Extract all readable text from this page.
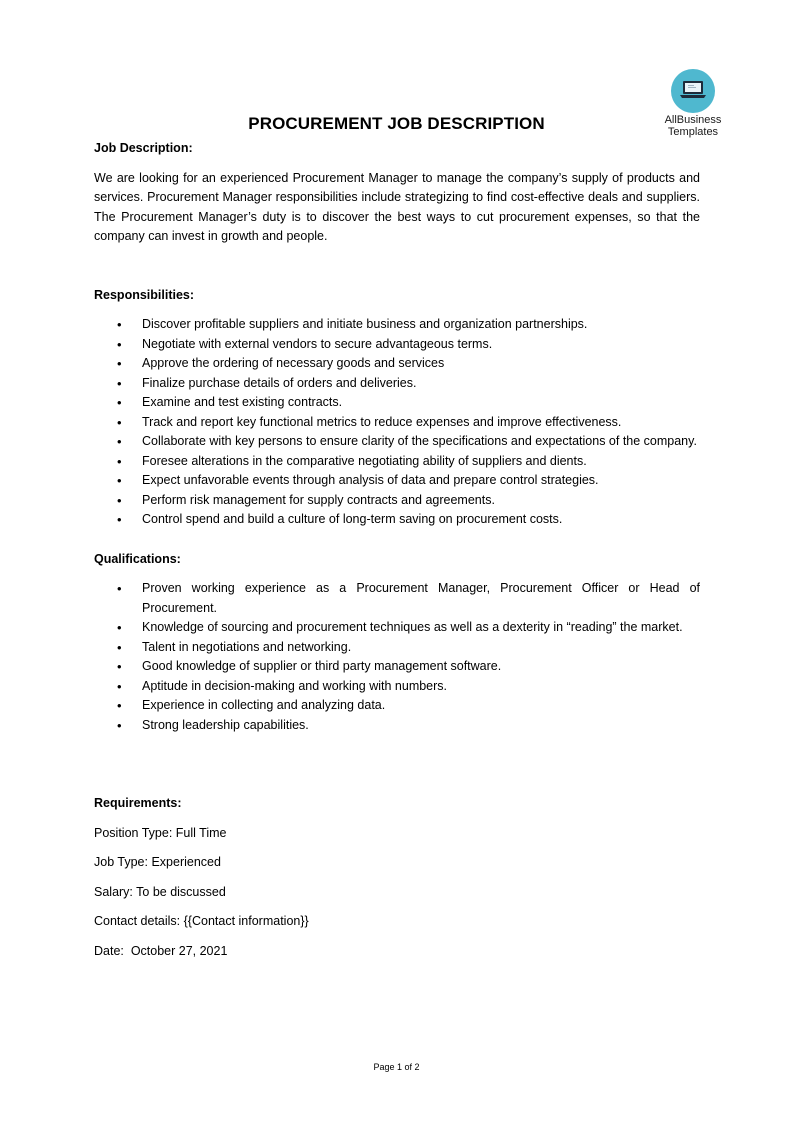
AllBusiness
Templates
PROCUREMENT JOB DESCRIPTION

Job Description:

We are looking for an experienced Procurement Manager to manage the company’s supply of products and services. Procurement Manager responsibilities include strategizing to find cost-effective deals and suppliers. The Procurement Manager’s duty is to discover the best ways to cut procurement expenses, so that the company can invest in growth and people.

Responsibilities:

• Discover profitable suppliers and initiate business and organization partnerships.
• Negotiate with external vendors to secure advantageous terms.
• Approve the ordering of necessary goods and services
• Finalize purchase details of orders and deliveries.
• Examine and test existing contracts.
• Track and report key functional metrics to reduce expenses and improve effectiveness.
• Collaborate with key persons to ensure clarity of the specifications and expectations of the company.
• Foresee alterations in the comparative negotiating ability of suppliers and dients.
• Expect unfavorable events through analysis of data and prepare control strategies.
• Perform risk management for supply contracts and agreements.
• Control spend and build a culture of long-term saving on procurement costs.

Qualifications:

• Proven working experience as a Procurement Manager, Procurement Officer or Head of Procurement.
• Knowledge of sourcing and procurement techniques as well as a dexterity in “reading” the market.
• Talent in negotiations and networking.
• Good knowledge of supplier or third party management software.
• Aptitude in decision-making and working with numbers.
• Experience in collecting and analyzing data.
• Strong leadership capabilities.

Requirements:

Position Type: Full Time

Job Type: Experienced

Salary: To be discussed

Contact details: {{Contact information}}

Date:  October 27, 2021

Page 1 of 2
